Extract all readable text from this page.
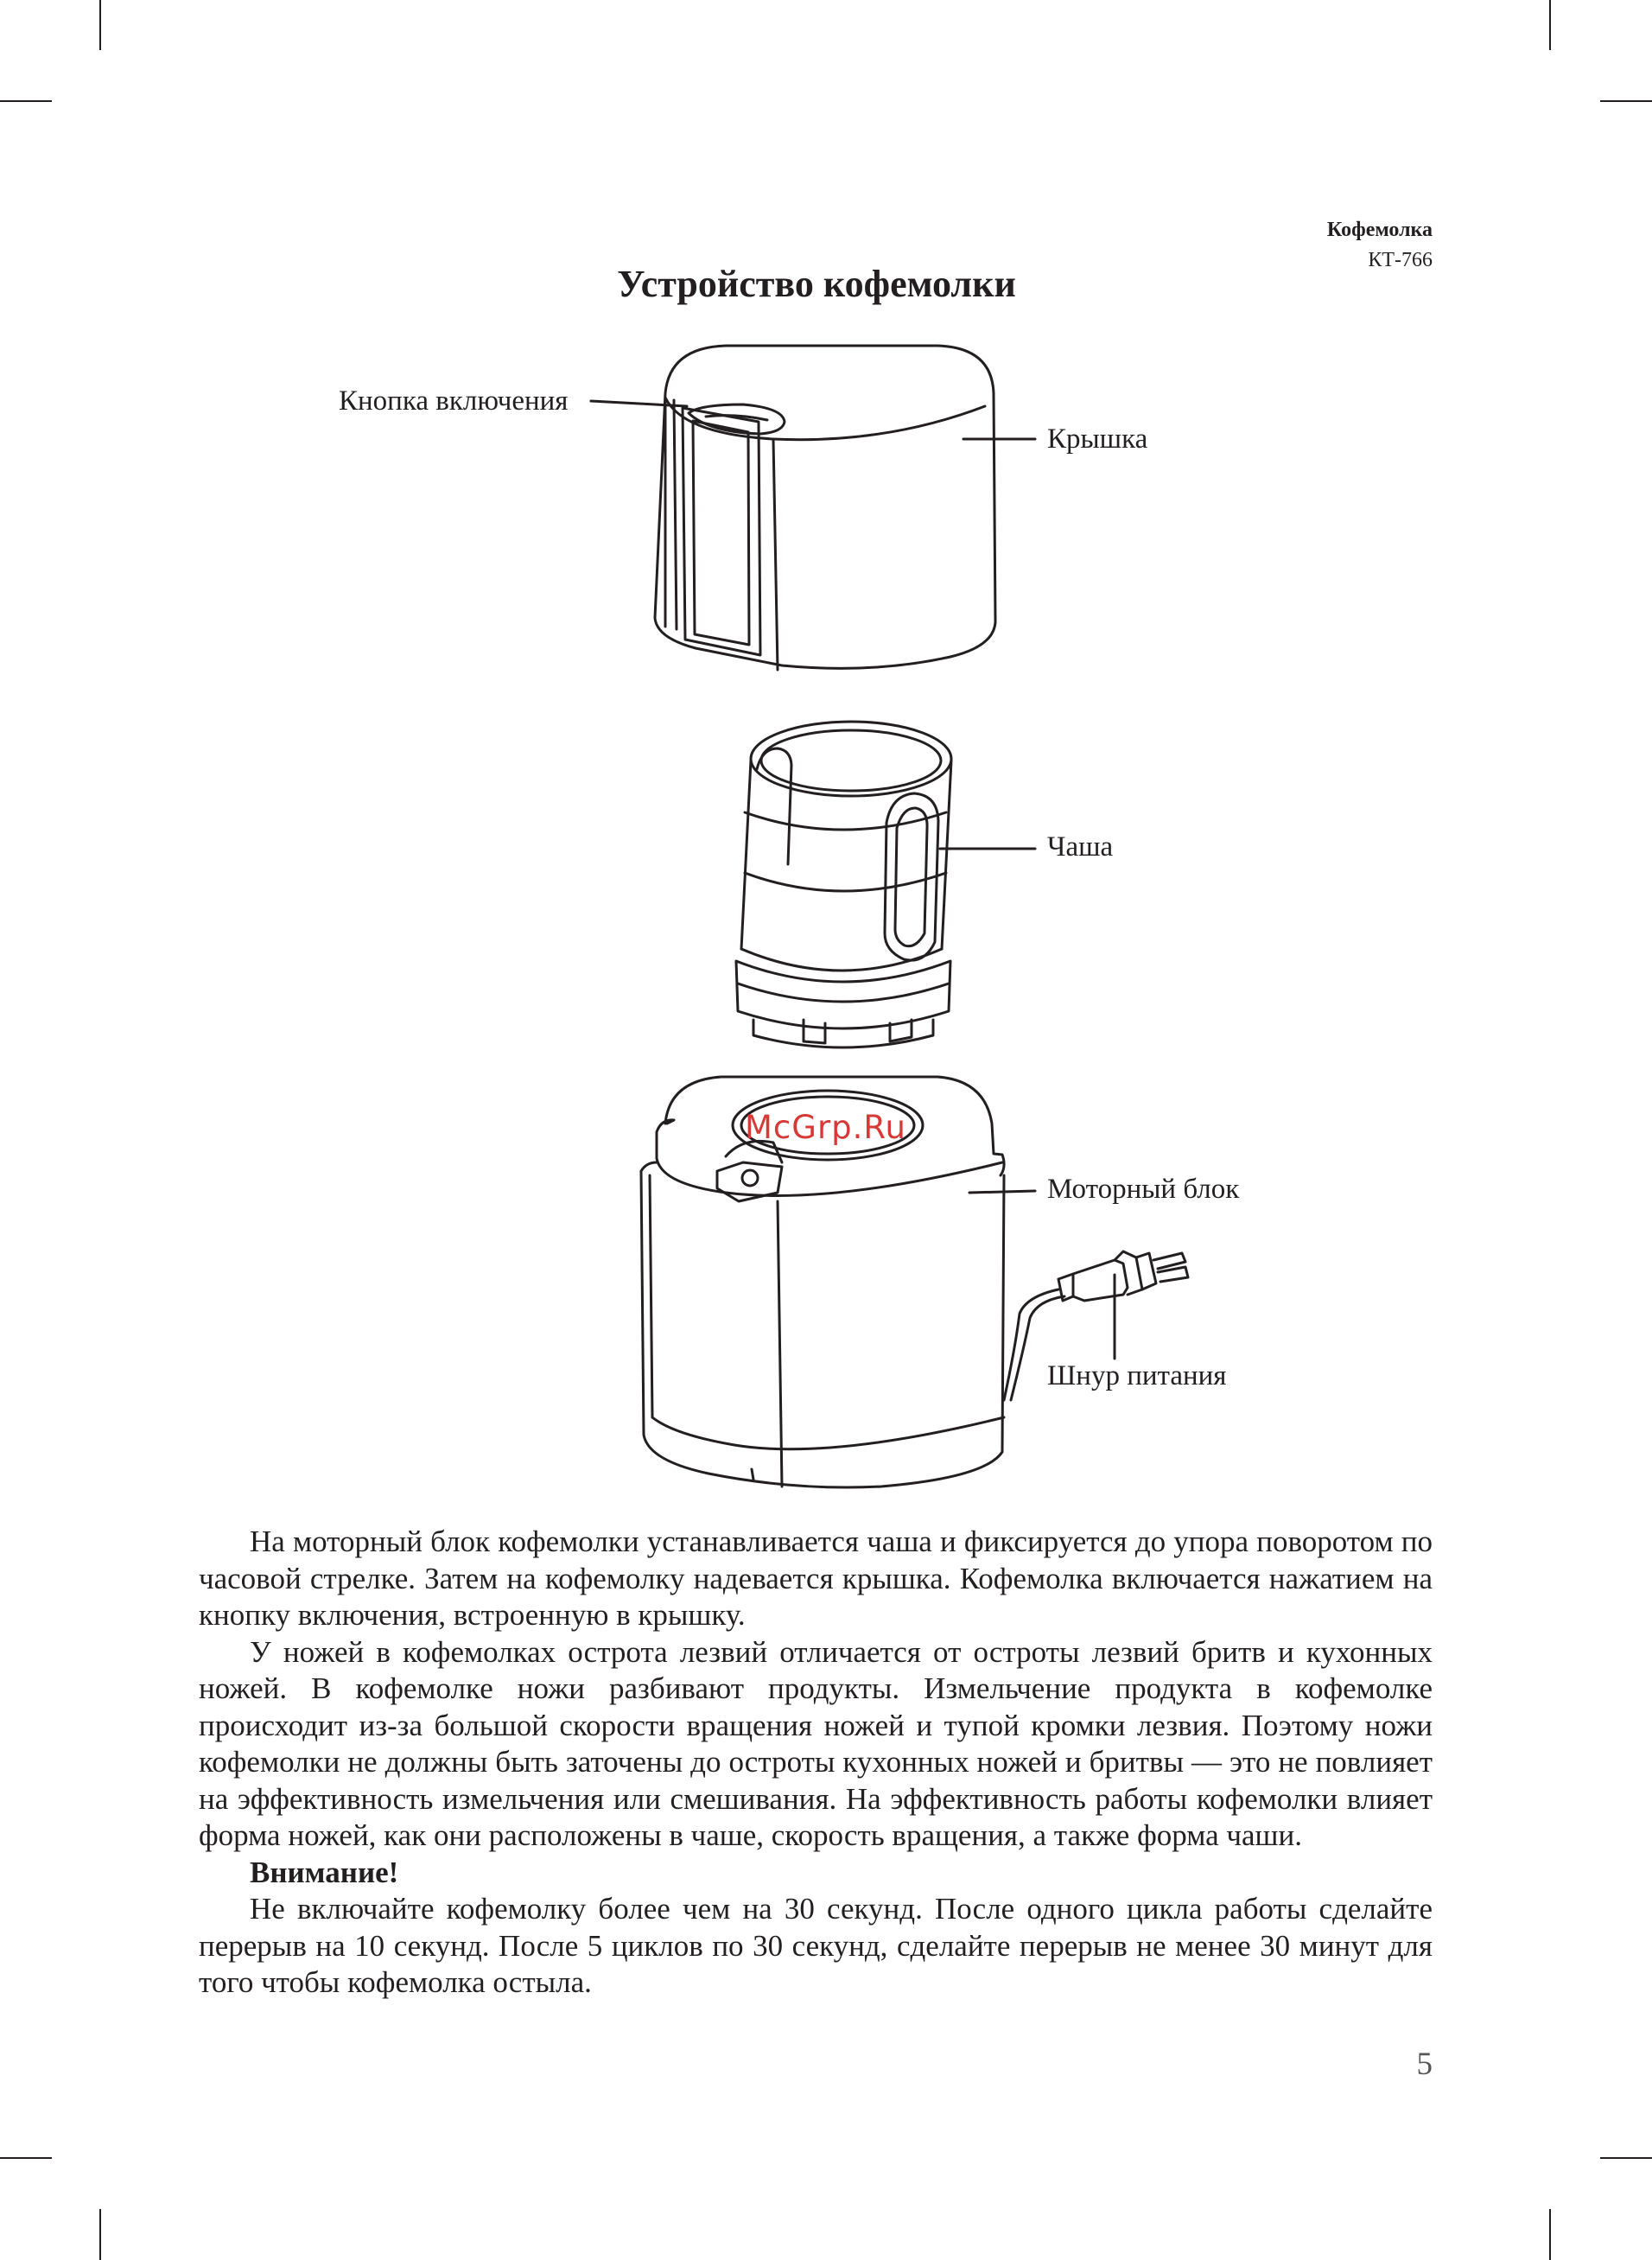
Кофемолка
КТ-766
Устройство кофемолки
Кнопка включения
Крышка
Чаша
Моторный блок
Шнур питания
McGrp.Ru

На моторный блок кофемолки устанавливается чаша и фиксируется до упора поворотом по часовой стрелке. Затем на кофемолку надевается крышка. Кофемолка включается нажатием на кнопку включения, встроенную в крышку.

У ножей в кофемолках острота лезвий отличается от остроты лезвий бритв и кухонных ножей. В кофемолке ножи разбивают продукты. Измельчение продукта в кофемолке происходит из-за большой скорости вращения ножей и тупой кромки лезвия. Поэтому ножи кофемолки не должны быть заточены до остроты кухонных ножей и бритвы — это не повлияет на эффективность измельчения или смешивания. На эффективность работы кофемолки влияет форма ножей, как они расположены в чаше, скорость вращения, а также форма чаши.

Внимание!

Не включайте кофемолку более чем на 30 секунд. После одного цикла работы сделайте перерыв на 10 секунд. После 5 циклов по 30 секунд, сделайте перерыв не менее 30 минут для того чтобы кофемолка остыла.

5
